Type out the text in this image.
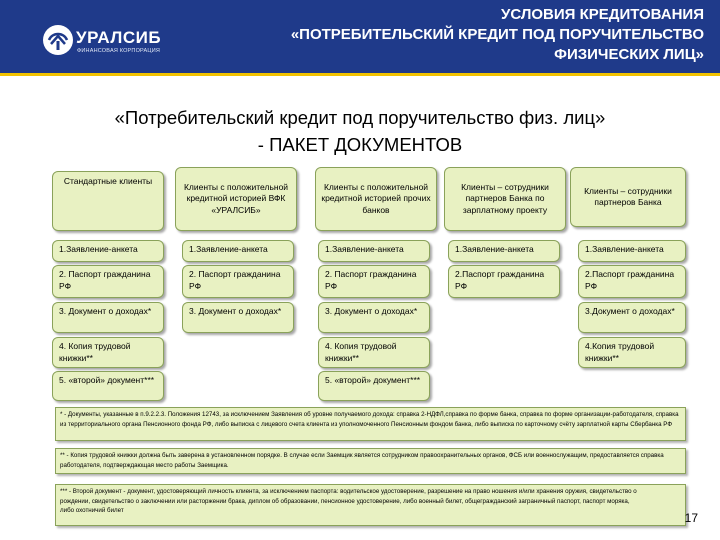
УРАЛСИБ
ФИНАНСОВАЯ КОРПОРАЦИЯ
УСЛОВИЯ КРЕДИТОВАНИЯ
«ПОТРЕБИТЕЛЬСКИЙ КРЕДИТ ПОД ПОРУЧИТЕЛЬСТВО
ФИЗИЧЕСКИХ ЛИЦ»
«Потребительский кредит под поручительство физ. лиц»
- ПАКЕТ ДОКУМЕНТОВ
Стандартные клиенты
Клиенты с положительной кредитной историей ВФК «УРАЛСИБ»
Клиенты с положительной кредитной историей прочих банков
Клиенты – сотрудники партнеров Банка по зарплатному проекту
Клиенты – сотрудники партнеров Банка
1.Заявление-анкета
2. Паспорт гражданина РФ
3. Документ о доходах*
4. Копия трудовой книжки**
5. «второй» документ***
1.Заявление-анкета
2. Паспорт гражданина РФ
3. Документ о доходах*
1.Заявление-анкета
2. Паспорт гражданина РФ
3. Документ о доходах*
4. Копия трудовой книжки**
5. «второй» документ***
1.Заявление-анкета
2.Паспорт гражданина РФ
1.Заявление-анкета
2.Паспорт гражданина РФ
3.Документ о доходах*
4.Копия трудовой книжки**
* - Документы, указанные в п.9.2.2.3. Положения 12743, за исключением Заявления об уровне получаемого дохода: справка 2-НДФЛ,справка по форме банка, справка по форме организации-работодателя, справка из территориального органа Пенсионного фонда РФ, либо выписка с лицевого счета клиента из уполномоченного Пенсионным фондом банка, либо выписка по карточному счёту зарплатной карты Сбербанка РФ
** - Копия трудовой книжки должна быть заверена в установленном порядке. В случае если Заемщик является сотрудником правоохранительных органов, ФСБ или военнослужащим, предоставляется справка работодателя, подтверждающая место работы Заемщика.
*** - Второй документ - документ, удостоверяющий личность клиента, за исключением паспорта: водительское удостоверение, разрешение на право ношения и/или хранения оружия, свидетельство о рождении, свидетельство о заключении или расторжении брака, диплом об образовании, пенсионное удостоверение, либо военный билет, общегражданский заграничный паспорт, паспорт моряка, либо охотничий билет
17
